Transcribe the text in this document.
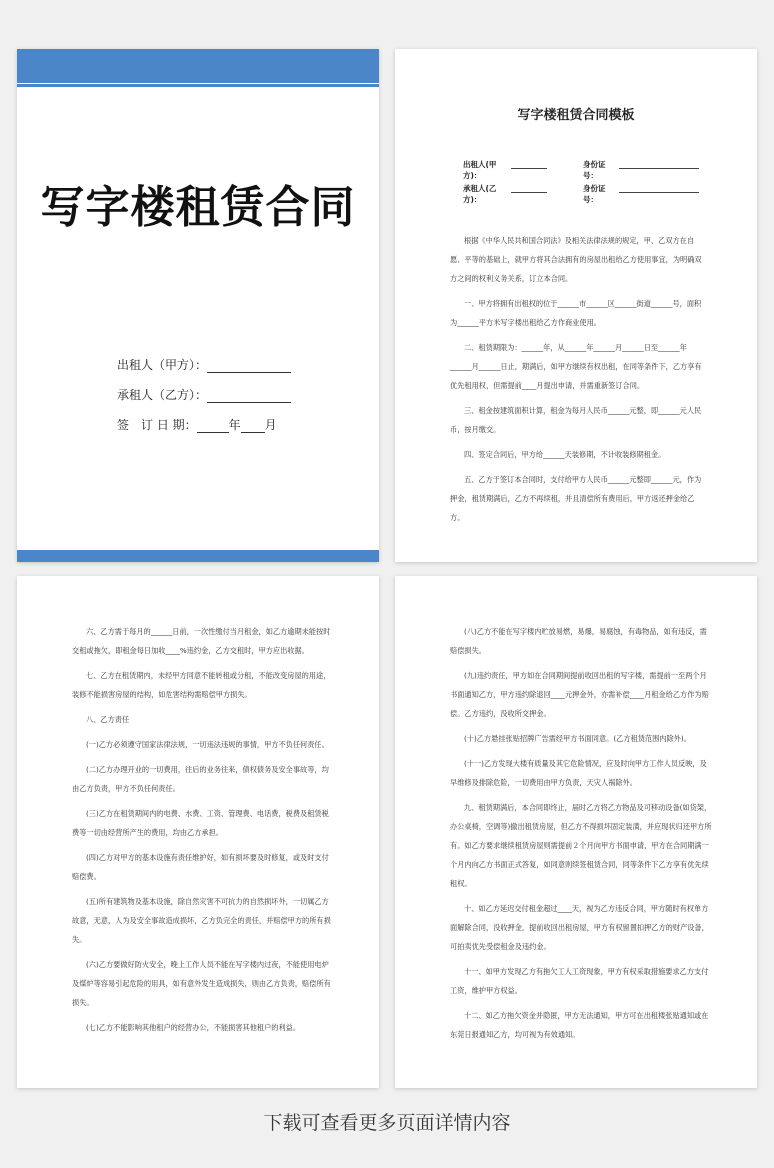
写字楼租赁合同
出租人（甲方）：
承租人（乙方）：
签　订 日 期：	年 月
写字楼租赁合同模板
出租人(甲方)：
身份证号：
承租人(乙方)：
身份证号：

根据《中华人民共和国合同法》及相关法律法规的规定，甲、乙双方在自愿、平等的基础上，就甲方将其合法拥有的房屋出租给乙方使用事宜，为明确双方之间的权利义务关系，订立本合同。

一、甲方将拥有出租权的位于______市______区______街道______号，面积为______平方米写字楼出租给乙方作商业使用。

二、租赁期限为：______年，从______年______月______日至______年______月______日止，期满后，如甲方继续有权出租，在同等条件下，乙方享有优先租用权，但需提前____月提出申请，并需重新签订合同。

三、租金按建筑面积计算，租金为每月人民币______元整，即______元人民币，按月缴交。

四、签定合同后，甲方给______天装修期，不计收装修期租金。

五、乙方于签订本合同时，支付给甲方人民币______元整即______元，作为押金，租赁期满后，乙方不再续租，并且清偿所有费用后，甲方返还押金给乙方。

六、乙方需于每月的______日前，一次性缴付当月租金，如乙方逾期未能按时交租或拖欠，即租金每日加收____%违约金，乙方交租时，甲方应出收据。

七、乙方在租赁期内，未经甲方同意不能转租或分租，不能改变房屋的用途，装修不能损害房屋的结构，如危害结构需赔偿甲方损失。

八、乙方责任

(一)乙方必须遵守国家法律法规，一切违法违规的事情，甲方不负任何责任。

(二)乙方办理开业的一切费用，往后的业务往来，债权债务及安全事故等，均由乙方负责，甲方不负任何责任。

(三)乙方在租赁期间内的电费、水费、工资、管理费、电话费，税费及租赁税费等一切由经营所产生的费用，均由乙方承担。

(四)乙方对甲方的基本设施有责任维护好，如有损坏要及时修复，或及时支付赔偿费。

(五)所有建筑物及基本设施，除自然灾害不可抗力的自然损坏外，一切属乙方故意，无意，人为及安全事故造成损坏，乙方负完全的责任，并赔偿甲方的所有损失。

(六)乙方要做好防火安全，晚上工作人员不能在写字楼内过夜，不能使用电炉及煤炉等容易引起危险的用具，如有意外发生造成损失，则由乙方负责，赔偿所有损失。

(七)乙方不能影响其他租户的经营办公，不能损害其他租户的利益。

(八)乙方不能在写字楼内贮放易燃，易爆，易腐蚀，有毒物品，如有违反，需赔偿损失。

(九)违约责任，甲方如在合同期间提前收回出租的写字楼，需提前一至两个月书面通知乙方，甲方违约除退回____元押金外，亦需补偿____月租金给乙方作为赔偿。乙方违约，没收所交押金。

(十)乙方悬挂张贴招牌广告需经甲方书面同意。(乙方租赁范围内除外)。

(十一)乙方发现大楼有质量及其它危险情况，应及时向甲方工作人员反映，及早维修及排除危险，一切费用由甲方负责，天灾人祸除外。

九、租赁期满后，本合同即终止，届时乙方将乙方物品及可移动设备(如货架，办公桌椅，空调等)撤出租赁房屋，但乙方不得损坏固定装潢，并应现状归还甲方所有。如乙方要求继续租赁房屋则需提前２个月向甲方书面申请，甲方在合同期满一个月内向乙方书面正式答复，如同意则续签租赁合同，同等条件下乙方享有优先续租权。

十、如乙方延迟交付租金超过____天，视为乙方违反合同，甲方随时有权单方面解除合同，没收押金，提前收回出租房屋，甲方有权留置扣押乙方的财产设备，可拍卖优先受偿租金及违约金。

十一、如甲方发现乙方有拖欠工人工资现象，甲方有权采取措施要求乙方支付工资，维护甲方权益。

十二、如乙方拖欠资金并隐匿，甲方无法通知，甲方可在出租楼张贴通知或在东莞日报通知乙方，均可视为有效通知。

下载可查看更多页面详情内容
